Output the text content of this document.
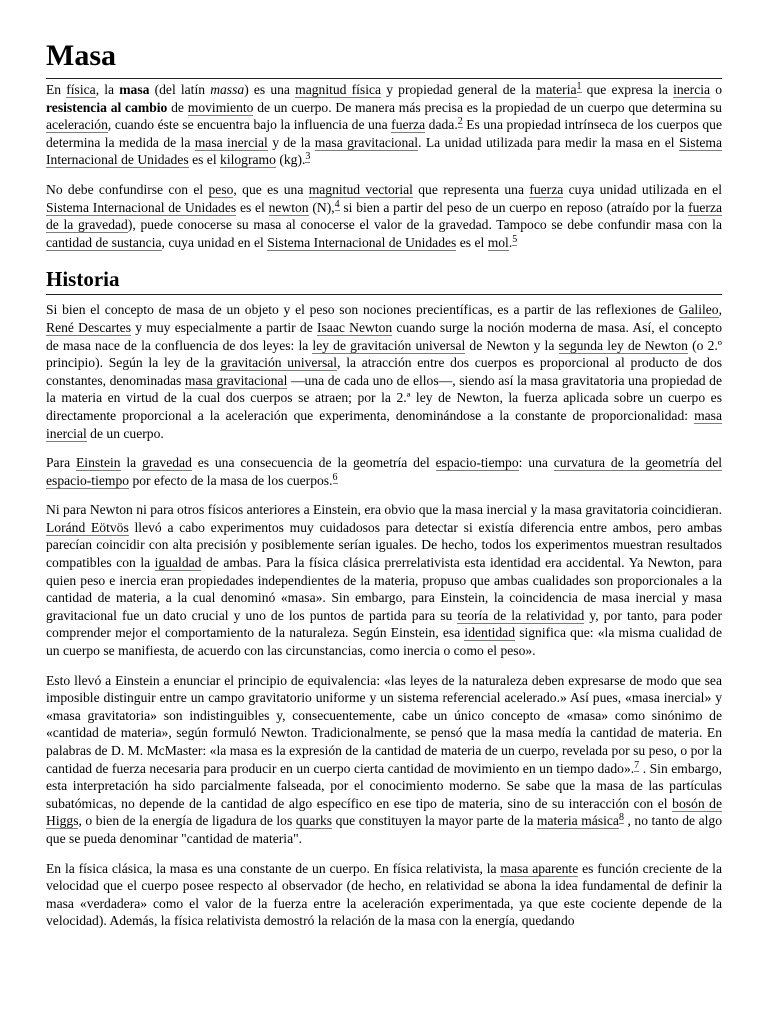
Masa

En física, la masa (del latín massa) es una magnitud física y propiedad general de la materia$^1$ que expresa la inercia o resistencia al cambio de movimiento de un cuerpo. De manera más precisa es la propiedad de un cuerpo que determina su aceleración, cuando éste se encuentra bajo la influencia de una fuerza dada.$^2$ Es una propiedad intrínseca de los cuerpos que determina la medida de la masa inercial y de la masa gravitacional. La unidad utilizada para medir la masa en el Sistema Internacional de Unidades es el kilogramo (kg).$^3$

No debe confundirse con el peso, que es una magnitud vectorial que representa una fuerza cuya unidad utilizada en el Sistema Internacional de Unidades es el newton (N),$^4$ si bien a partir del peso de un cuerpo en reposo (atraído por la fuerza de la gravedad), puede conocerse su masa al conocerse el valor de la gravedad. Tampoco se debe confundir masa con la cantidad de sustancia, cuya unidad en el Sistema Internacional de Unidades es el mol.$^5$

Historia

Si bien el concepto de masa de un objeto y el peso son nociones precientíficas, es a partir de las reflexiones de Galileo, René Descartes y muy especialmente a partir de Isaac Newton cuando surge la noción moderna de masa. Así, el concepto de masa nace de la confluencia de dos leyes: la ley de gravitación universal de Newton y la segunda ley de Newton (o 2.º principio). Según la ley de la gravitación universal, la atracción entre dos cuerpos es proporcional al producto de dos constantes, denominadas masa gravitacional —una de cada uno de ellos—, siendo así la masa gravitatoria una propiedad de la materia en virtud de la cual dos cuerpos se atraen; por la 2.ª ley de Newton, la fuerza aplicada sobre un cuerpo es directamente proporcional a la aceleración que experimenta, denominándose a la constante de proporcionalidad: masa inercial de un cuerpo.

Para Einstein la gravedad es una consecuencia de la geometría del espacio-tiempo: una curvatura de la geometría del espacio-tiempo por efecto de la masa de los cuerpos.$^6$

Ni para Newton ni para otros físicos anteriores a Einstein, era obvio que la masa inercial y la masa gravitatoria coincidieran. Loránd Eötvös llevó a cabo experimentos muy cuidadosos para detectar si existía diferencia entre ambos, pero ambas parecían coincidir con alta precisión y posiblemente serían iguales. De hecho, todos los experimentos muestran resultados compatibles con la igualdad de ambas. Para la física clásica prerrelativista esta identidad era accidental. Ya Newton, para quien peso e inercia eran propiedades independientes de la materia, propuso que ambas cualidades son proporcionales a la cantidad de materia, a la cual denominó «masa». Sin embargo, para Einstein, la coincidencia de masa inercial y masa gravitacional fue un dato crucial y uno de los puntos de partida para su teoría de la relatividad y, por tanto, para poder comprender mejor el comportamiento de la naturaleza. Según Einstein, esa identidad significa que: «la misma cualidad de un cuerpo se manifiesta, de acuerdo con las circunstancias, como inercia o como el peso».

Esto llevó a Einstein a enunciar el principio de equivalencia: «las leyes de la naturaleza deben expresarse de modo que sea imposible distinguir entre un campo gravitatorio uniforme y un sistema referencial acelerado.» Así pues, «masa inercial» y «masa gravitatoria» son indistinguibles y, consecuentemente, cabe un único concepto de «masa» como sinónimo de «cantidad de materia», según formuló Newton. Tradicionalmente, se pensó que la masa medía la cantidad de materia. En palabras de D. M. McMaster: «la masa es la expresión de la cantidad de materia de un cuerpo, revelada por su peso, o por la cantidad de fuerza necesaria para producir en un cuerpo cierta cantidad de movimiento en un tiempo dado».$^7$ . Sin embargo, esta interpretación ha sido parcialmente falseada, por el conocimiento moderno. Se sabe que la masa de las partículas subatómicas, no depende de la cantidad de algo específico en ese tipo de materia, sino de su interacción con el bosón de Higgs, o bien de la energía de ligadura de los quarks que constituyen la mayor parte de la materia másica$^8$ , no tanto de algo que se pueda denominar "cantidad de materia".

En la física clásica, la masa es una constante de un cuerpo. En física relativista, la masa aparente es función creciente de la velocidad que el cuerpo posee respecto al observador (de hecho, en relatividad se abona la idea fundamental de definir la masa «verdadera» como el valor de la fuerza entre la aceleración experimentada, ya que este cociente depende de la velocidad). Además, la física relativista demostró la relación de la masa con la energía, quedando
